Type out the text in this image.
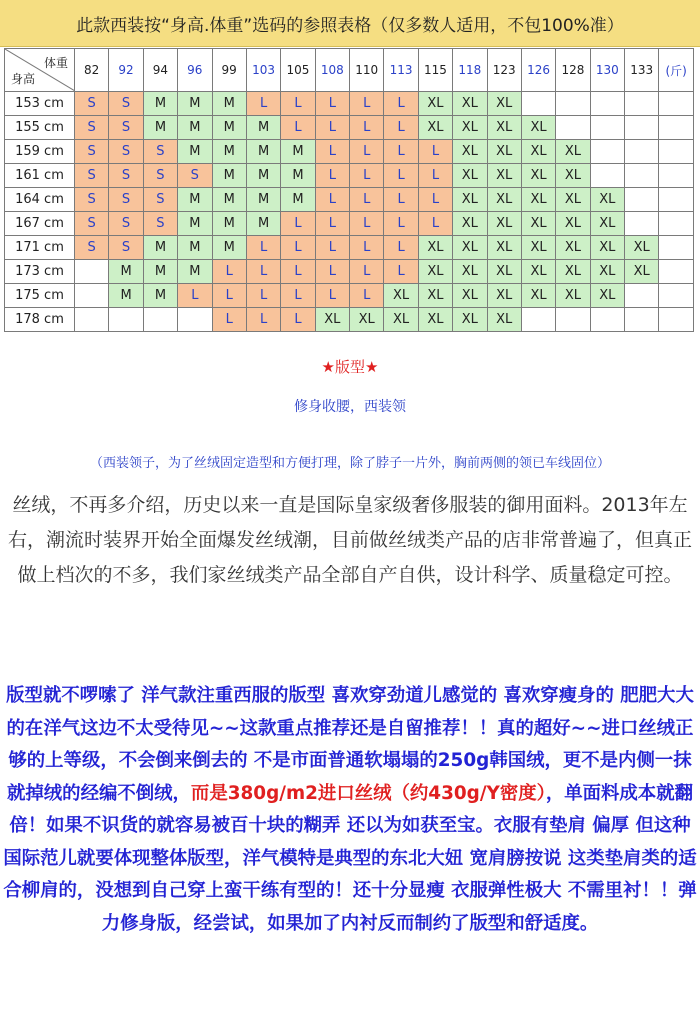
此款西装按“身高.体重”选码的参照表格（仅多数人适用，不包100%准）
体重
身高	82	92	94	96	99	103	105	108	110	113	115	118	123	126	128	130	133	(斤)
153 cm	S	S	M	M	M	L	L	L	L	L	XL	XL	XL					
155 cm	S	S	M	M	M	M	L	L	L	L	XL	XL	XL	XL				
159 cm	S	S	S	M	M	M	M	L	L	L	L	XL	XL	XL	XL			
161 cm	S	S	S	S	M	M	M	L	L	L	L	XL	XL	XL	XL			
164 cm	S	S	S	M	M	M	M	L	L	L	L	XL	XL	XL	XL	XL		
167 cm	S	S	S	M	M	M	L	L	L	L	L	XL	XL	XL	XL	XL		
171 cm	S	S	M	M	M	L	L	L	L	L	XL	XL	XL	XL	XL	XL	XL	
173 cm		M	M	M	L	L	L	L	L	L	XL	XL	XL	XL	XL	XL	XL	
175 cm		M	M	L	L	L	L	L	L	XL	XL	XL	XL	XL	XL	XL		
178 cm					L	L	L	XL	XL	XL	XL	XL	XL					
★版型★
修身收腰，西装领
（西装领子，为了丝绒固定造型和方便打理，除了脖子一片外，胸前两侧的领已车线固位）
丝绒，不再多介绍，历史以来一直是国际皇家级奢侈服装的御用面料。2013年左右，潮流时装界开始全面爆发丝绒潮，目前做丝绒类产品的店非常普遍了，但真正做上档次的不多，我们家丝绒类产品全部自产自供，设计科学、质量稳定可控。
版型就不啰嗦了 洋气款注重西服的版型 喜欢穿劲道儿感觉的 喜欢穿瘦身的 肥肥大大的在洋气这边不太受待见~~这款重点推荐还是自留推荐！！真的超好~~进口丝绒正够的上等级，不会倒来倒去的 不是市面普通软塌塌的250g韩国绒，更不是内侧一抹就掉绒的经编不倒绒，而是380g/m2进口丝绒（约430g/Y密度），单面料成本就翻倍！如果不识货的就容易被百十块的糊弄 还以为如获至宝。衣服有垫肩 偏厚 但这种国际范儿就要体现整体版型，洋气模特是典型的东北大妞 宽肩膀按说 这类垫肩类的适合柳肩的，没想到自己穿上蛮干练有型的！还十分显瘦 衣服弹性极大 不需里衬！！弹力修身版，经尝试，如果加了内衬反而制约了版型和舒适度。
